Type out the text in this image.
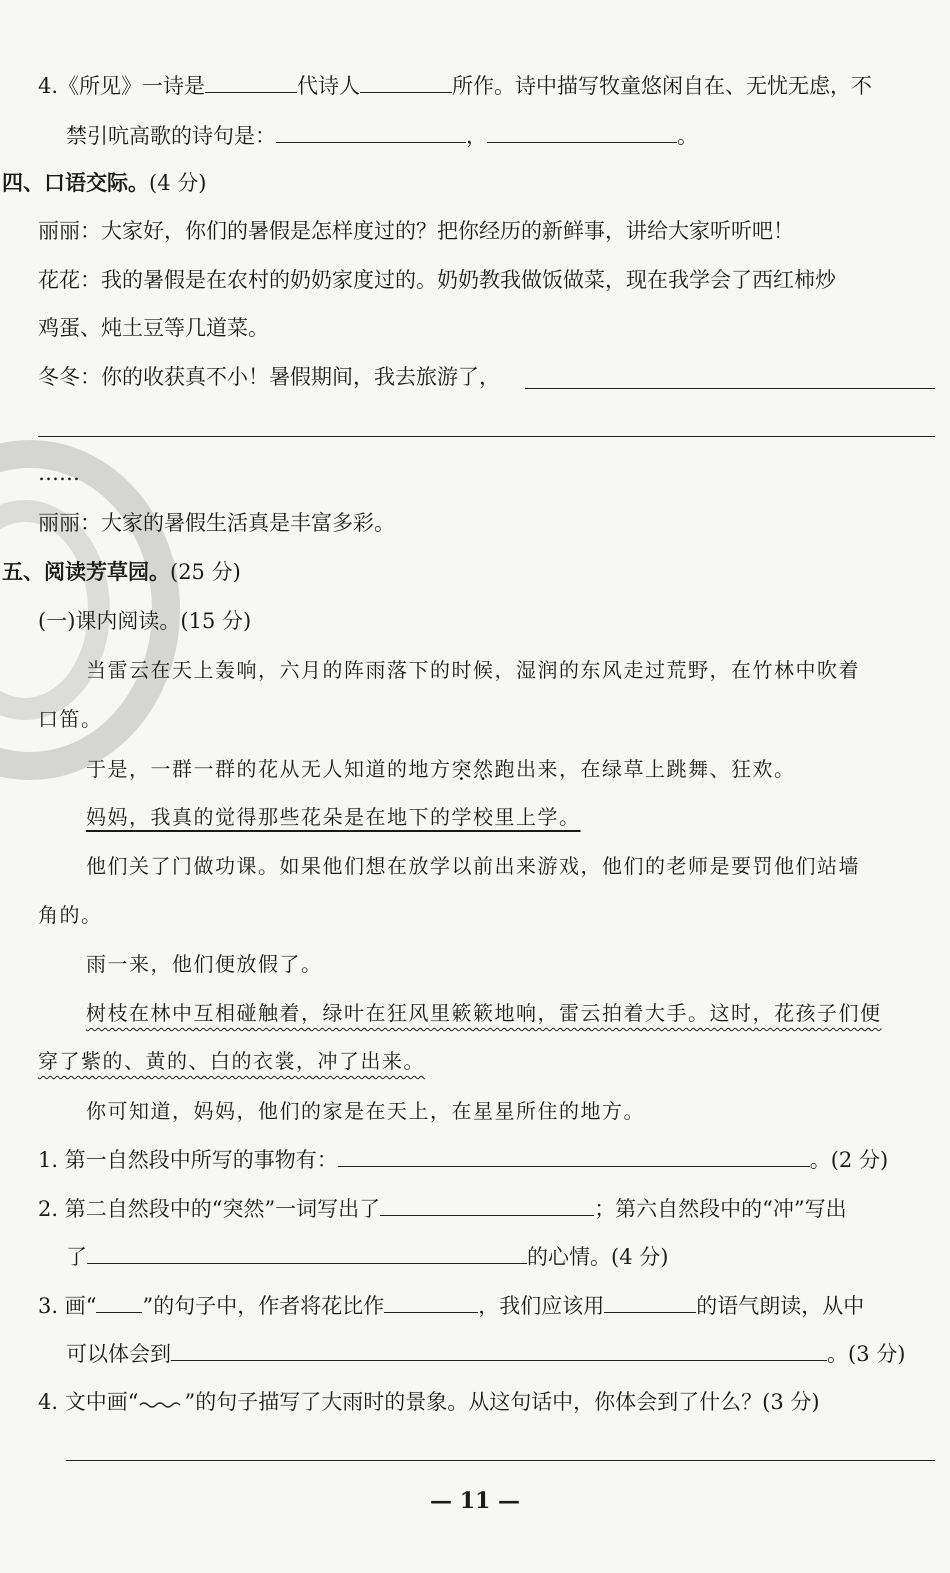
4.《所见》一诗是	代诗人	所作。诗中描写牧童悠闲自在、无忧无虑，不
禁引吭高歌的诗句是：	，	。
四、口语交际。(4 分)
丽丽：大家好，你们的暑假是怎样度过的？把你经历的新鲜事，讲给大家听听吧！
花花：我的暑假是在农村的奶奶家度过的。奶奶教我做饭做菜，现在我学会了西红柿炒
鸡蛋、炖土豆等几道菜。
冬冬：你的收获真不小！暑假期间，我去旅游了，
……
丽丽：大家的暑假生活真是丰富多彩。
五、阅读芳草园。(25 分)
(一)课内阅读。(15 分)
当雷云在天上轰响，六月的阵雨落下的时候，湿润的东风走过荒野，在竹林中吹着
口笛。
于是，一群一群的花从无人知道的地方突然跑出来，在绿草上跳舞、狂欢。
妈妈，我真的觉得那些花朵是在地下的学校里上学。
他们关了门做功课。如果他们想在放学以前出来游戏，他们的老师是要罚他们站墙
角的。
雨一来，他们便放假了。
树枝在林中互相碰触着，绿叶在狂风里簌簌地响，雷云拍着大手。这时，花孩子们便
穿了紫的、黄的、白的衣裳，冲了出来。
你可知道，妈妈，他们的家是在天上，在星星所住的地方。
1. 第一自然段中所写的事物有：	。(2 分)
2. 第二自然段中的“突然”一词写出了	；第六自然段中的“冲”写出
了	的心情。(4 分)
3. 画“ ”的句子中，作者将花比作	，我们应该用	的语气朗读，从中
可以体会到	。(3 分)
4. 文中画“ ”的句子描写了大雨时的景象。从这句话中，你体会到了什么？(3 分)
— 11 —
